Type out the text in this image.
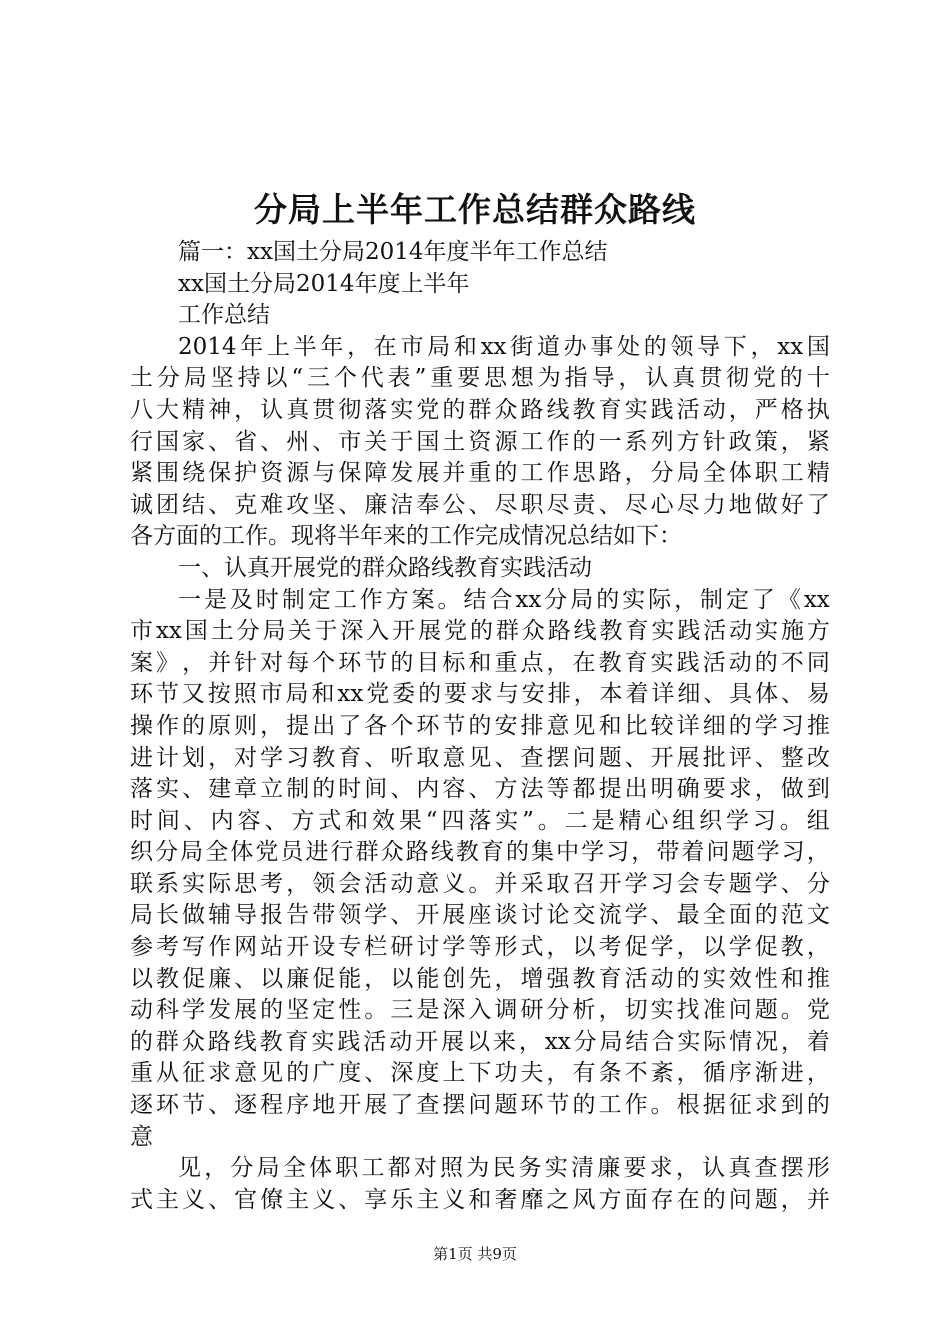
分局上半年工作总结群众路线
篇一：xx国土分局2014年度半年工作总结
xx国土分局2014年度上半年
工作总结
2014 年 上 半 年 ， 在 市 局 和 xx 街 道 办 事 处 的 领 导 下 ， xx 国
土 分 局 坚 持 以 “ 三 个 代 表 ” 重 要 思 想 为 指 导 ， 认 真 贯 彻 党 的 十
八 大 精 神 ， 认 真 贯 彻 落 实 党 的 群 众 路 线 教 育 实 践 活 动 ， 严 格 执
行 国 家 、 省 、 州 、 市 关 于 国 土 资 源 工 作 的 一 系 列 方 针 政 策 ， 紧
紧 围 绕 保 护 资 源 与 保 障 发 展 并 重 的 工 作 思 路 ， 分 局 全 体 职 工 精
诚 团 结 、 克 难 攻 坚 、 廉 洁 奉 公 、 尽 职 尽 责 、 尽 心 尽 力 地 做 好 了
各方面的工作。现将半年来的工作完成情况总结如下：
一、认真开展党的群众路线教育实践活动
一 是 及 时 制 定 工 作 方 案 。 结 合 xx 分 局 的 实 际 ， 制 定 了 《 xx
市 xx 国 土 分 局 关 于 深 入 开 展 党 的 群 众 路 线 教 育 实 践 活 动 实 施 方
案 》 ， 并 针 对 每 个 环 节 的 目 标 和 重 点 ， 在 教 育 实 践 活 动 的 不 同
环 节 又 按 照 市 局 和 xx 党 委 的 要 求 与 安 排 ， 本 着 详 细 、 具 体 、 易
操 作 的 原 则 ， 提 出 了 各 个 环 节 的 安 排 意 见 和 比 较 详 细 的 学 习 推
进 计 划 ， 对 学 习 教 育 、 听 取 意 见 、 查 摆 问 题 、 开 展 批 评 、 整 改
落 实 、 建 章 立 制 的 时 间 、 内 容 、 方 法 等 都 提 出 明 确 要 求 ， 做 到
时 间 、 内 容 、 方 式 和 效 果 “ 四 落 实 ” 。 二 是 精 心 组 织 学 习 。 组
织 分 局 全 体 党 员 进 行 群 众 路 线 教 育 的 集 中 学 习 ， 带 着 问 题 学 习 ，
联 系 实 际 思 考 ， 领 会 活 动 意 义 。 并 采 取 召 开 学 习 会 专 题 学 、 分
局 长 做 辅 导 报 告 带 领 学 、 开 展 座 谈 讨 论 交 流 学 、 最 全 面 的 范 文
参 考 写 作 网 站 开 设 专 栏 研 讨 学 等 形 式 ， 以 考 促 学 ， 以 学 促 教 ，
以 教 促 廉 、 以 廉 促 能 ， 以 能 创 先 ， 增 强 教 育 活 动 的 实 效 性 和 推
动 科 学 发 展 的 坚 定 性 。 三 是 深 入 调 研 分 析 ， 切 实 找 准 问 题 。 党
的 群 众 路 线 教 育 实 践 活 动 开 展 以 来 ， xx 分 局 结 合 实 际 情 况 ， 着
重 从 征 求 意 见 的 广 度 、 深 度 上 下 功 夫 ， 有 条 不 紊 ， 循 序 渐 进 ，
逐 环 节 、 逐 程 序 地 开 展 了 查 摆 问 题 环 节 的 工 作 。 根 据 征 求 到 的
意
见 ， 分 局 全 体 职 工 都 对 照 为 民 务 实 清 廉 要 求 ， 认 真 查 摆 形
式 主 义 、 官 僚 主 义 、 享 乐 主 义 和 奢 靡 之 风 方 面 存 在 的 问 题 ， 并
第1页 共9页
